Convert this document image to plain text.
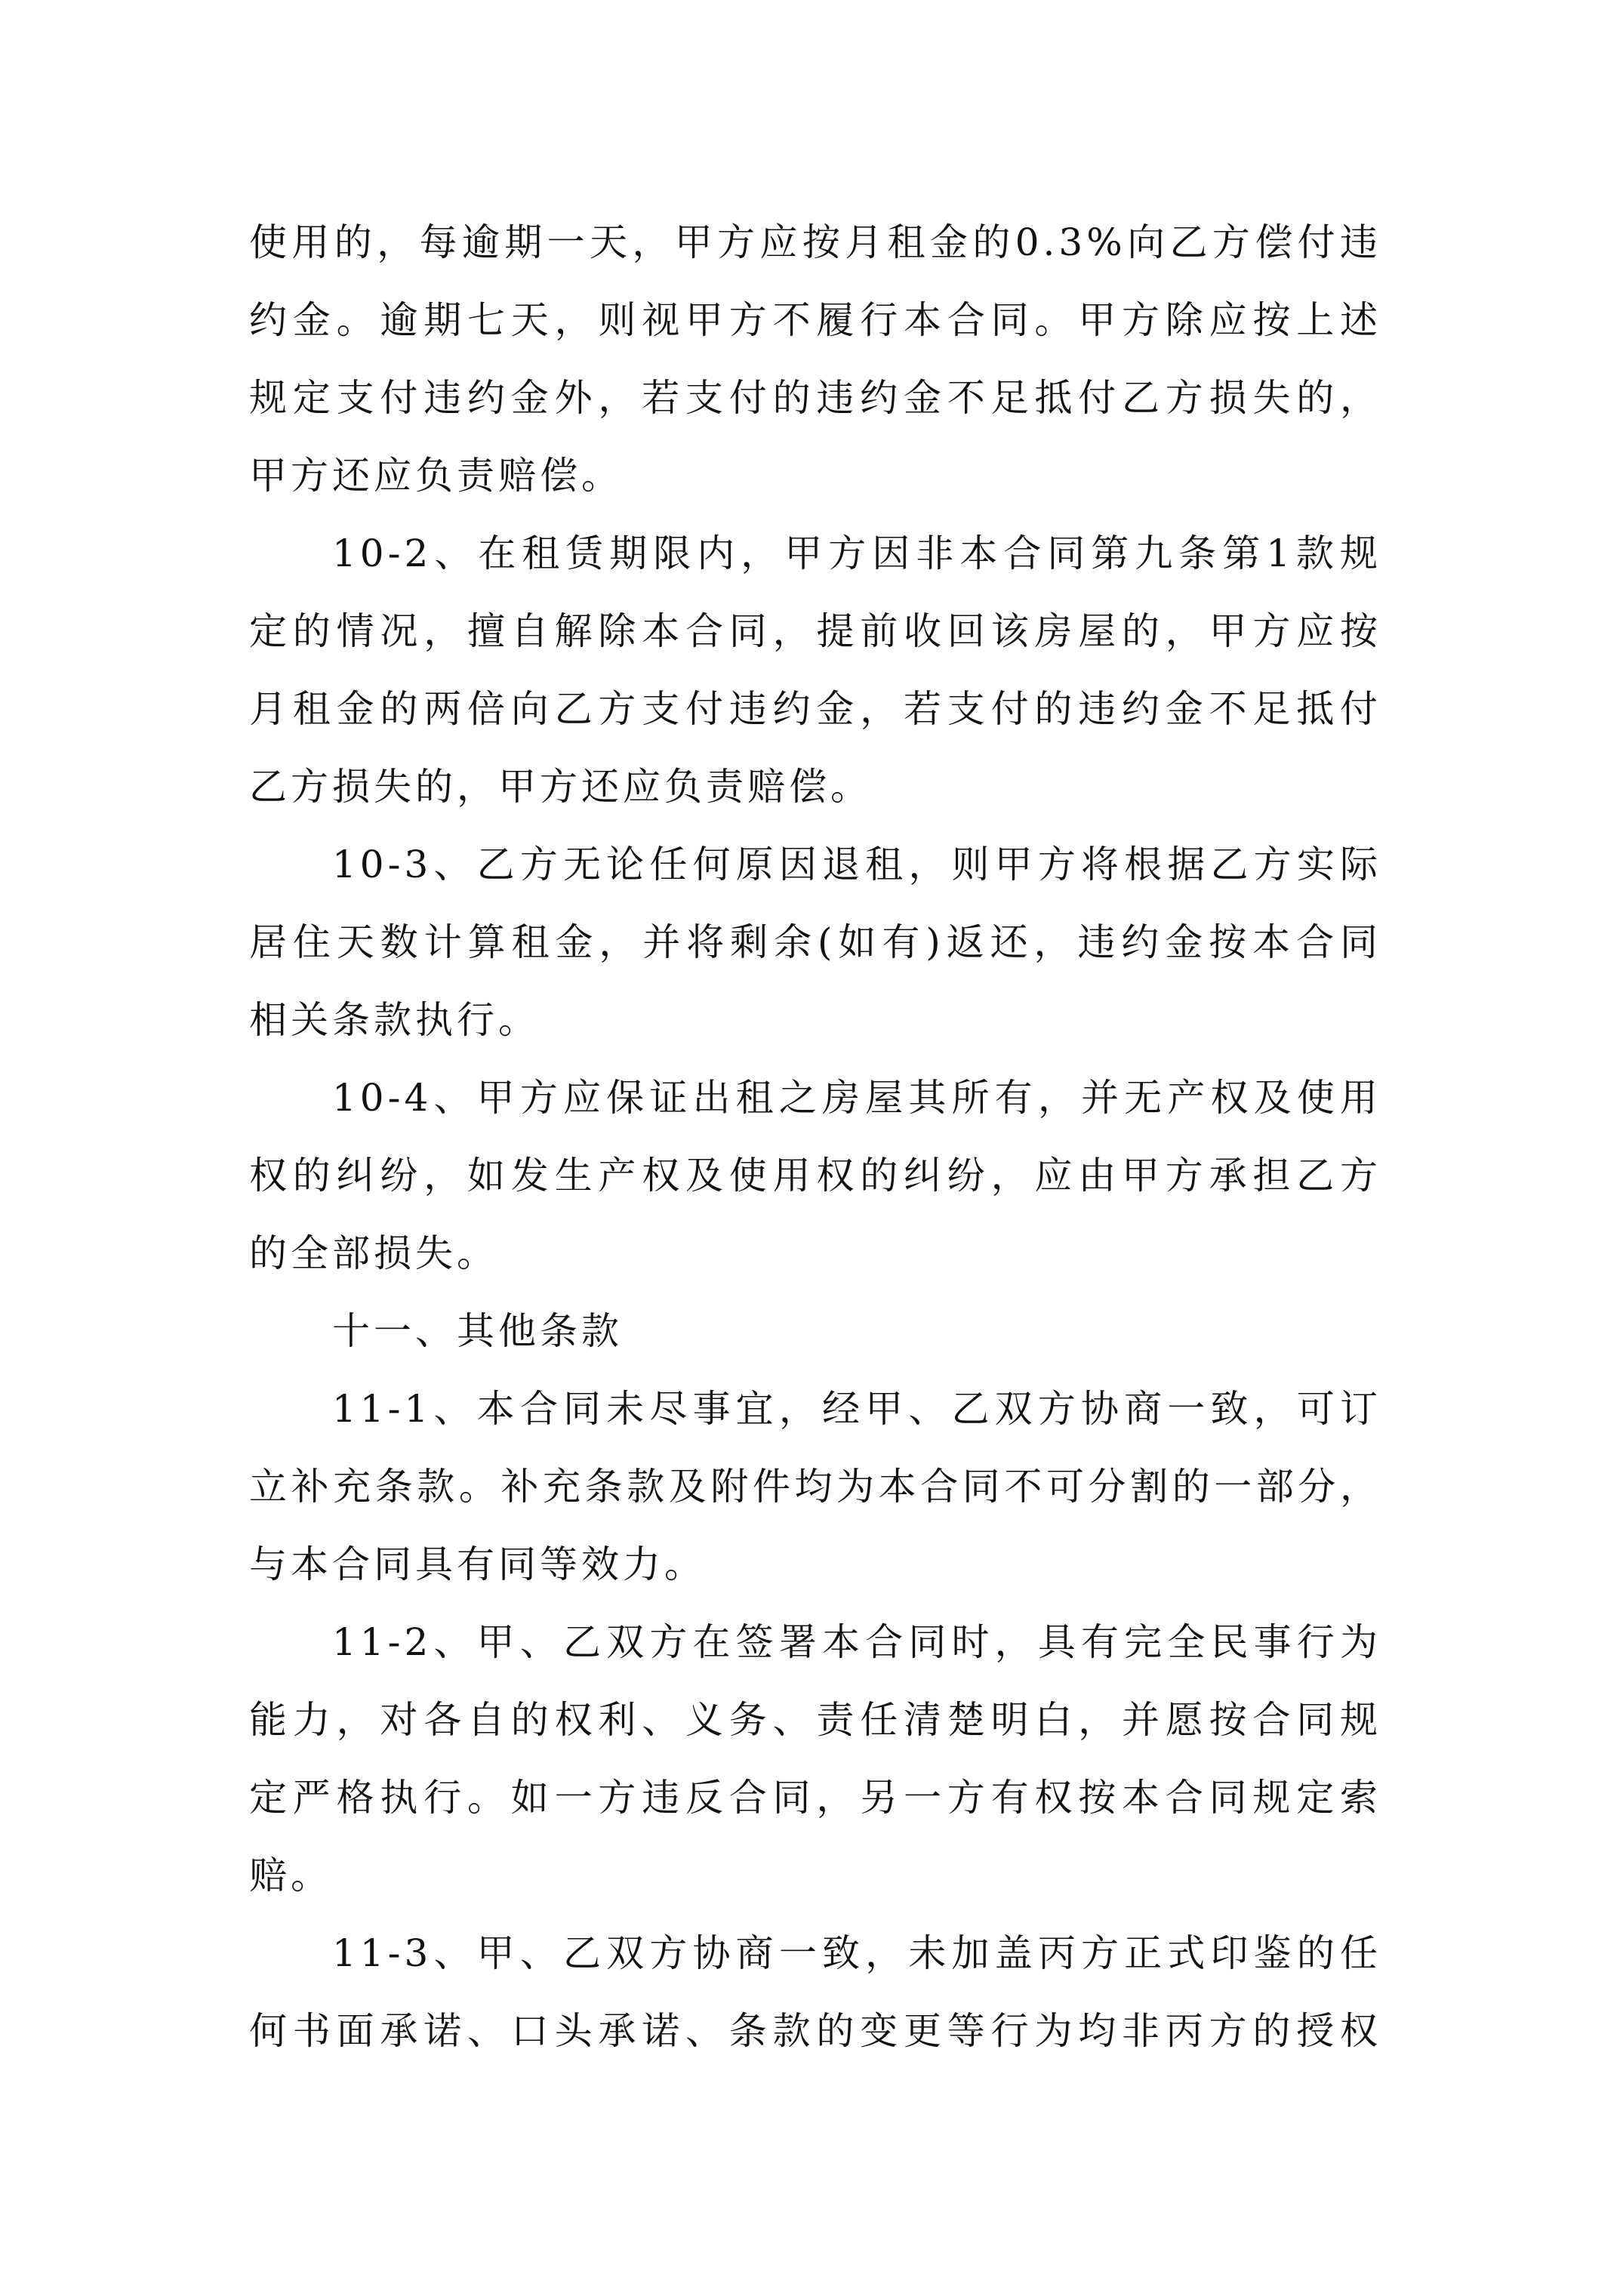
使用的，每逾期一天，甲方应按月租金的0.3%向乙方偿付违
约金。逾期七天，则视甲方不履行本合同。甲方除应按上述
规定支付违约金外，若支付的违约金不足抵付乙方损失的，
甲方还应负责赔偿。
10-2、在租赁期限内，甲方因非本合同第九条第1款规
定的情况，擅自解除本合同，提前收回该房屋的，甲方应按
月租金的两倍向乙方支付违约金，若支付的违约金不足抵付
乙方损失的，甲方还应负责赔偿。
10-3、乙方无论任何原因退租，则甲方将根据乙方实际
居住天数计算租金，并将剩余(如有)返还，违约金按本合同
相关条款执行。
10-4、甲方应保证出租之房屋其所有，并无产权及使用
权的纠纷，如发生产权及使用权的纠纷，应由甲方承担乙方
的全部损失。
十一、其他条款
11-1、本合同未尽事宜，经甲、乙双方协商一致，可订
立补充条款。补充条款及附件均为本合同不可分割的一部分，
与本合同具有同等效力。
11-2、甲、乙双方在签署本合同时，具有完全民事行为
能力，对各自的权利、义务、责任清楚明白，并愿按合同规
定严格执行。如一方违反合同，另一方有权按本合同规定索
赔。
11-3、甲、乙双方协商一致，未加盖丙方正式印鉴的任
何书面承诺、口头承诺、条款的变更等行为均非丙方的授权
